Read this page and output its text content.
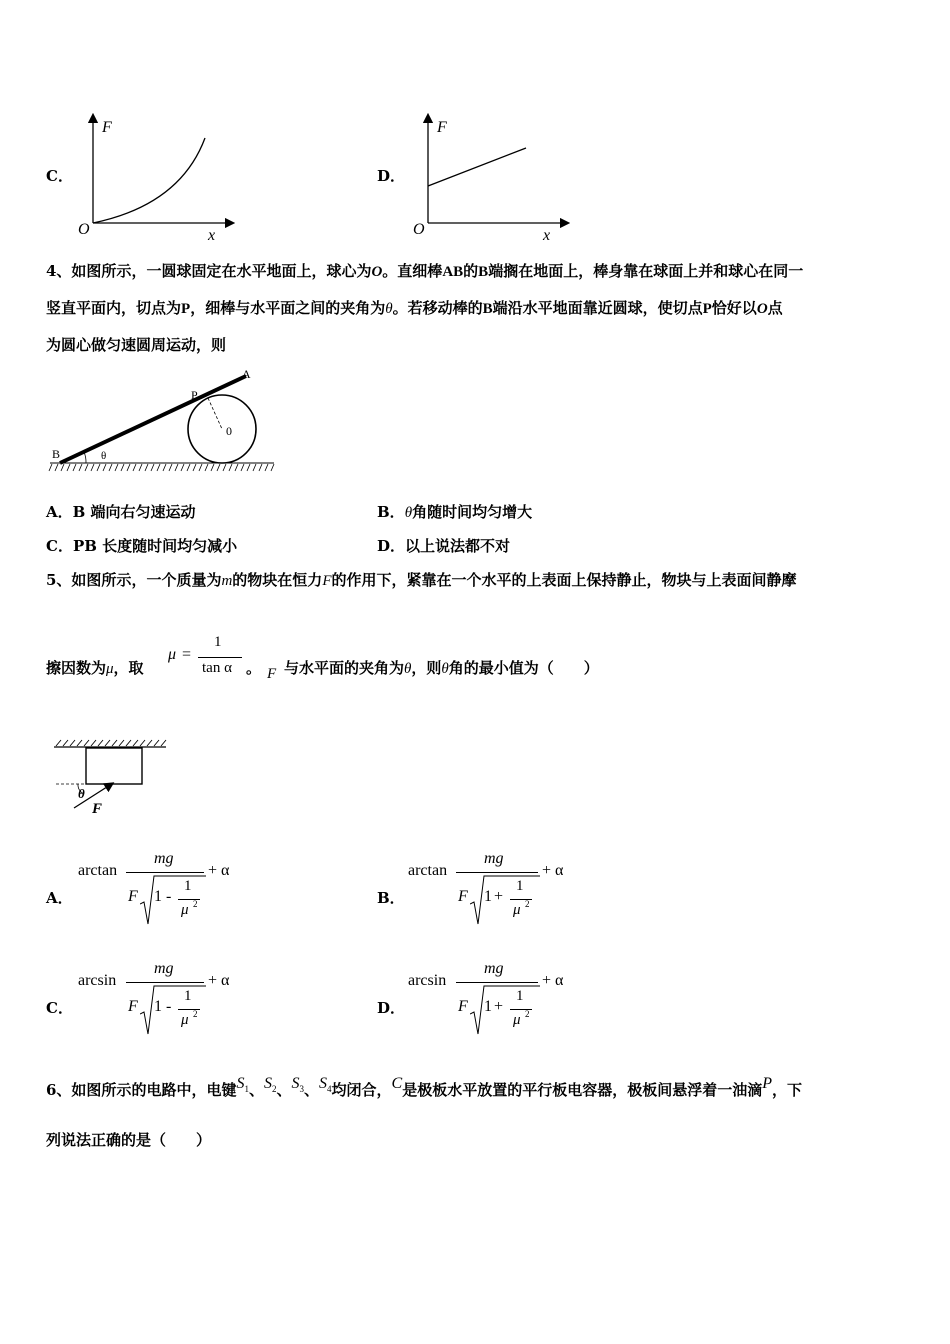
C．
F
O	x
D．
F
O	x
4、如图所示，一圆球固定在水平地面上，球心为O。直细棒AB的B端搁在地面上，棒身靠在球面上并和球心在同一
竖直平面内，切点为P，细棒与水平面之间的夹角为θ。若移动棒的B端沿水平地面靠近圆球，使切点P恰好以O点
为圆心做匀速圆周运动，则
A
P
0
B	θ
A．B 端向右匀速运动	B．θ角随时间均匀增大
C．PB 长度随时间均匀减小	D．以上说法都不对
5、如图所示，一个质量为m的物块在恒力F的作用下，紧靠在一个水平的上表面上保持静止，物块与上表面间静摩
擦因数为μ，取
μ =
1
tan α 。 F 与水平面的夹角为θ，则θ角的最小值为（　　）
θ
F
A．
arctan
mg
F 1 -
1
μ 2
+ α
B．
arctan
mg
F 1 +
1
μ 2
+ α
C．
arcsin
mg
F 1 -
1
μ 2
+ α
D．
arcsin
mg
F 1 +
1
μ 2
+ α
6、如图所示的电路中，电键$S_1$、$S_2$、$S_3$、$S_4$均闭合，C是极板水平放置的平行板电容器，极板间悬浮着一油滴P，下
列说法正确的是（　　）
